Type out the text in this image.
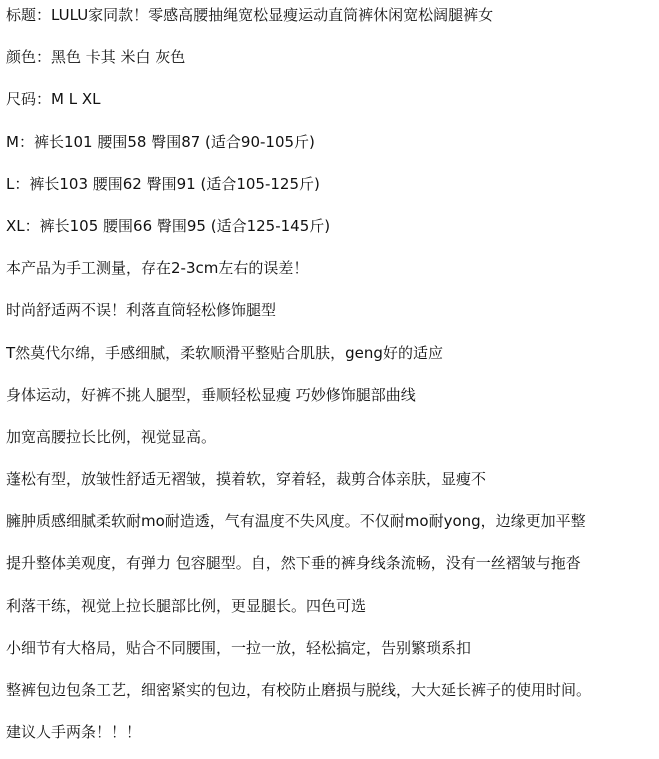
标题：LULU家同款！零感高腰抽绳宽松显瘦运动直筒裤休闲宽松阔腿裤女
颜色：黑色 卡其 米白 灰色
尺码：M L XL
M：裤长101 腰围58 臀围87 (适合90-105斤)
L：裤长103 腰围62 臀围91 (适合105-125斤)
XL：裤长105 腰围66 臀围95 (适合125-145斤)
本产品为手工测量，存在2-3cm左右的误差！
时尚舒适两不误！利落直筒轻松修饰腿型
T然莫代尔绵，手感细腻，柔软顺滑平整贴合肌肤，geng好的适应
身体运动，好裤不挑人腿型，垂顺轻松显瘦 巧妙修饰腿部曲线
加宽高腰拉长比例，视觉显高。
蓬松有型，放皱性舒适无褶皱，摸着软，穿着轻，裁剪合体亲肤，显瘦不
臃肿质感细腻柔软耐mo耐造透，气有温度不失风度。不仅耐mo耐yong，边缘更加平整
提升整体美观度，有弹力 包容腿型。自，然下垂的裤身线条流畅，没有一丝褶皱与拖沓
利落干练，视觉上拉长腿部比例，更显腿长。四色可选
小细节有大格局，贴合不同腰围，一拉一放，轻松搞定，告别繁琐系扣
整裤包边包条工艺，细密紧实的包边，有校防止磨损与脱线，大大延长裤子的使用时间。
建议人手两条！！！
